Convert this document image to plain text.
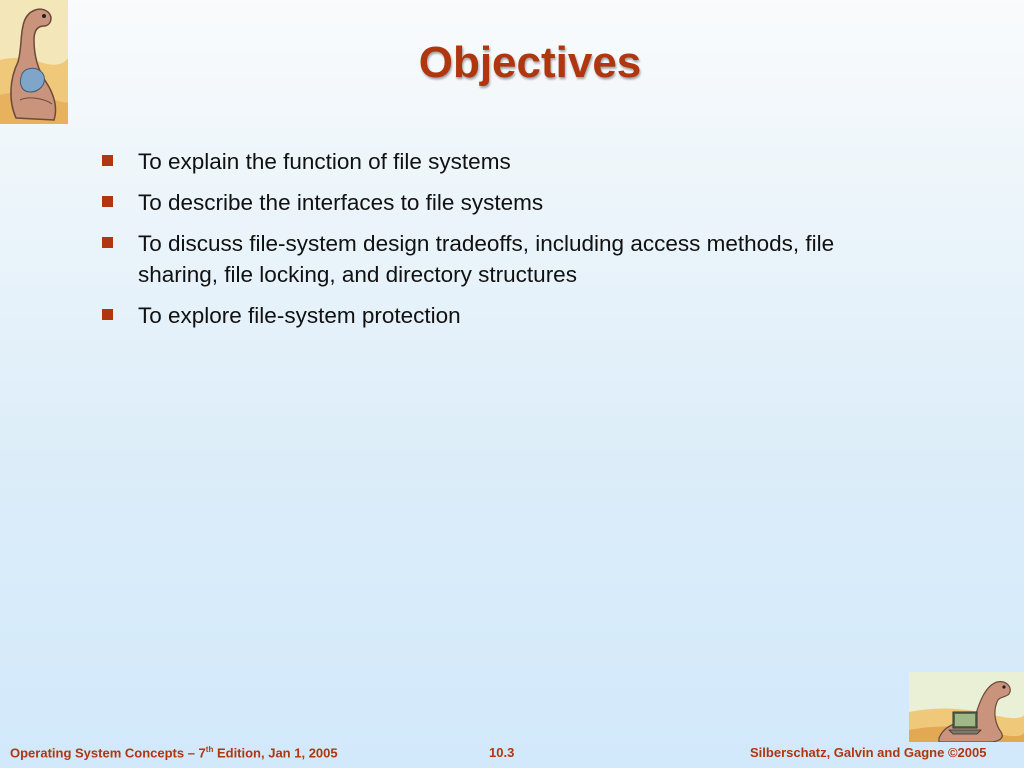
Objectives
To explain the function of file systems
To describe the interfaces to file systems
To discuss file-system design tradeoffs, including access methods, file sharing, file locking, and directory structures
To explore file-system protection
Operating System Concepts – 7th Edition, Jan 1, 2005	10.3	Silberschatz, Galvin and Gagne ©2005
